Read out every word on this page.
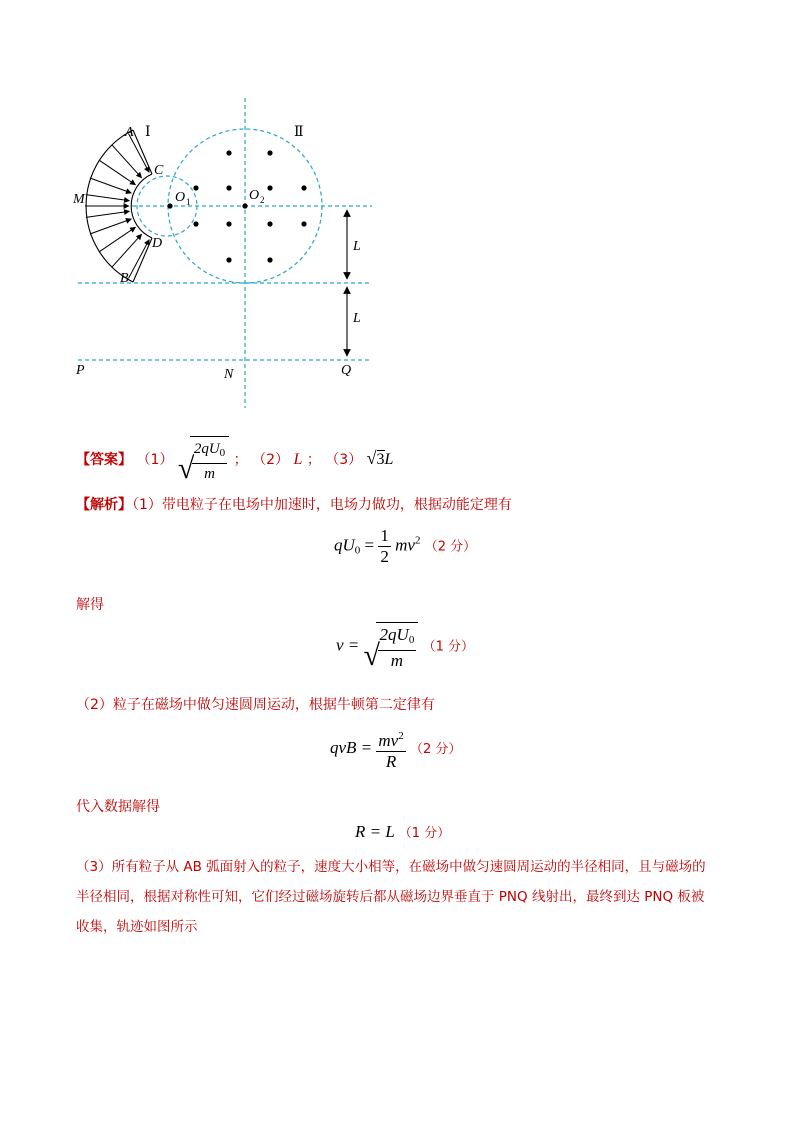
A
C
M
D
B
O 1	O 2
L
L
P	N	Q
Ⅰ	Ⅱ
【答案】 （1） √
$\frac{2qU_0}{m}$ ； （2） L ； （3） √3L
【解析】（1）带电粒子在电场中加速时，电场力做功，根据动能定理有
$qU_0 = \frac{1}{2} mv^2$ （2 分）
解得
v = √
$\frac{2qU_0}{m} (1$ 分）
（2）粒子在磁场中做匀速圆周运动，根据牛顿第二定律有
qvB = $\frac{mv^2}{R} (2$ 分）
代入数据解得
R = L （1 分）
（3）所有粒子从 AB 弧面射入的粒子，速度大小相等，在磁场中做匀速圆周运动的半径相同，且与磁场的
半径相同，根据对称性可知，它们经过磁场旋转后都从磁场边界垂直于 PNQ 线射出，最终到达 PNQ 板被
收集，轨迹如图所示
